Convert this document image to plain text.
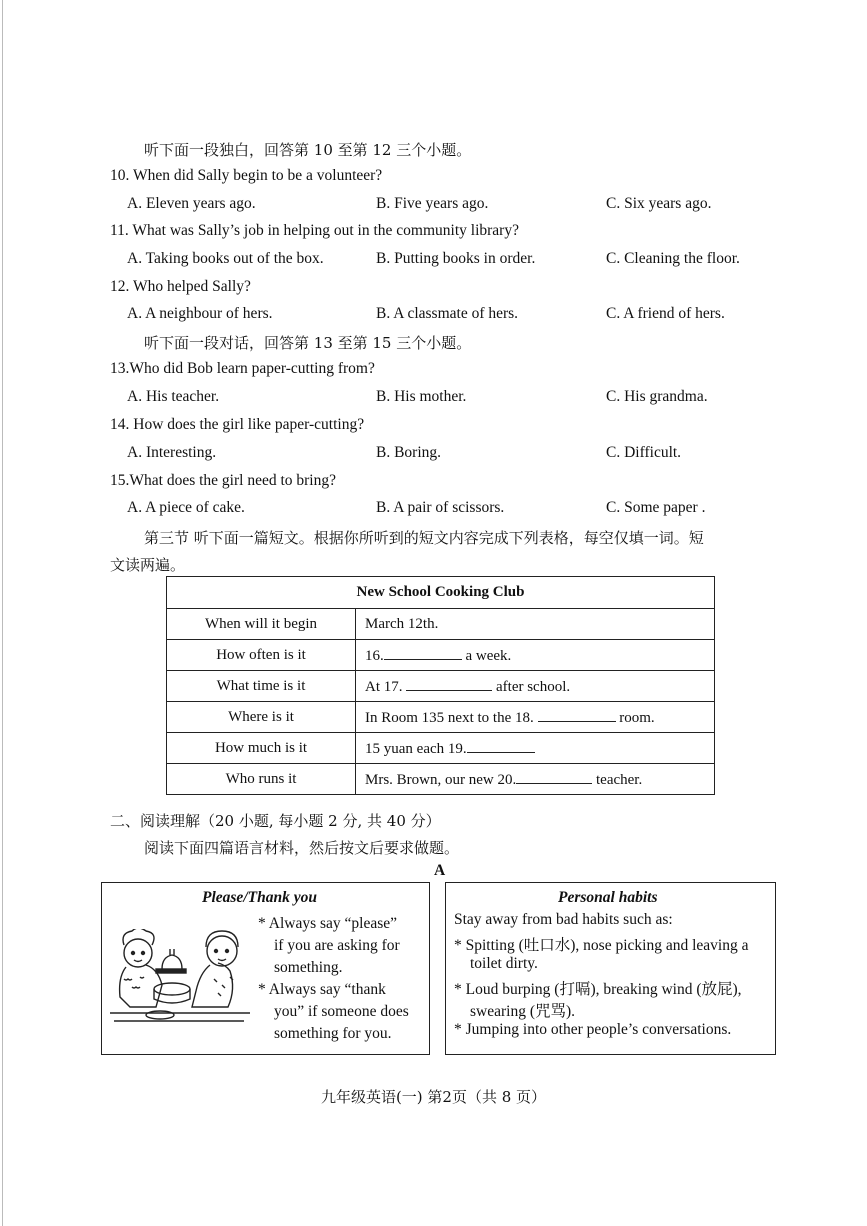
听下面一段独白，回答第 10 至第 12 三个小题。
10. When did Sally begin to be a volunteer?
A. Eleven years ago.	B. Five years ago.	C. Six years ago.
11. What was Sally’s job in helping out in the community library?
A. Taking books out of the box.	B. Putting books in order.	C. Cleaning the floor.
12. Who helped Sally?
A. A neighbour of hers.	B. A classmate of hers.	C. A friend of hers.
听下面一段对话，回答第 13 至第 15 三个小题。
13.Who did Bob learn paper-cutting from?
A. His teacher.	B. His mother.	C. His grandma.
14. How does the girl like paper-cutting?
A. Interesting.	B. Boring.	C. Difficult.
15.What does the girl need to bring?
A. A piece of cake.	B. A pair of scissors.	C. Some paper .
第三节 听下面一篇短文。根据你所听到的短文内容完成下列表格，每空仅填一词。短
文读两遍。
New School Cooking Club	
When will it begin	March 12th.
How often is it	16. a week.
What time is it	At 17. after school.
Where is it	In Room 135 next to the 18. room.
How much is it	15 yuan each 19.
Who runs it	Mrs. Brown, our new 20. teacher.
二、阅读理解（20 小题, 每小题 2 分, 共 40 分）
阅读下面四篇语言材料，然后按文后要求做题。
A
Please/Thank you
* Always say “please”
if you are asking for
something.
* Always say “thank
you” if someone does
something for you.
Personal habits
Stay away from bad habits such as:
* Spitting (吐口水), nose picking and leaving a
toilet dirty.
* Loud burping (打嗝), breaking wind (放屁),
swearing (咒骂).
* Jumping into other people’s conversations.
九年级英语(一) 第2页（共 8 页）
